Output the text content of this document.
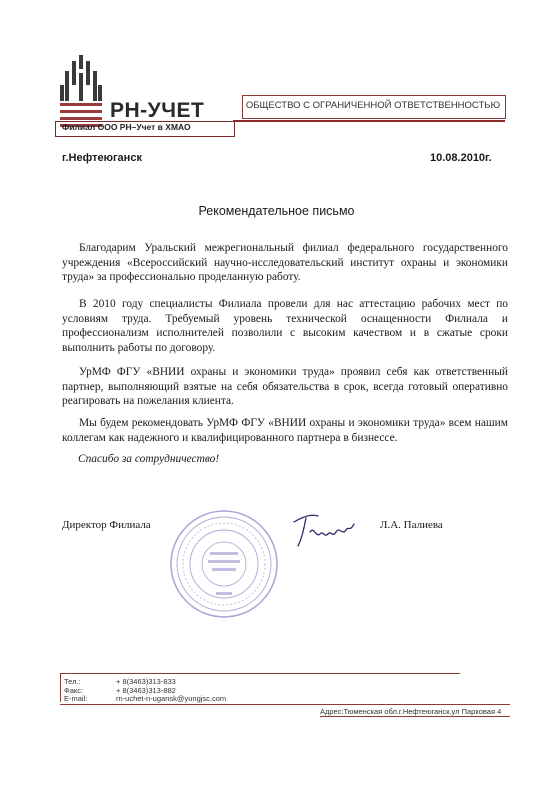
РН-УЧЕТ
Филиал ООО РН–Учет в ХМАО
ОБЩЕСТВО С ОГРАНИЧЕННОЙ ОТВЕТСТВЕННОСТЬЮ
г.Нефтеюганск	10.08.2010г.
Рекомендательное письмо
Благодарим Уральский межрегиональный филиал федерального государственного учреждения «Всероссийский научно-исследовательский институт охраны и экономики труда» за профессионально проделанную работу.
В 2010 году специалисты Филиала провели для нас аттестацию рабочих мест по условиям труда. Требуемый уровень технической оснащенности Филиала и профессионализм исполнителей позволили с высоким качеством и в сжатые сроки выполнить работы по договору.
УрМФ ФГУ «ВНИИ охраны и экономики труда» проявил себя как ответственный партнер, выполняющий взятые на себя обязательства в срок, всегда готовый оперативно реагировать на пожелания клиента.
Мы будем рекомендовать УрМФ ФГУ «ВНИИ охраны и экономики труда» всем нашим коллегам как надежного и квалифицированного партнера в бизнессе.
Спасибо за сотрудничество!
Директор Филиала	Л.А. Палиева
Тел.:	+ 8(3463)313-833
Факс:	+ 8(3463)313-882
E-mail:	rn-uchet-n-ugansk@yungjsc.com
Адрес:Тюменская обл.г.Нефтеюганск,ул Парковая 4
